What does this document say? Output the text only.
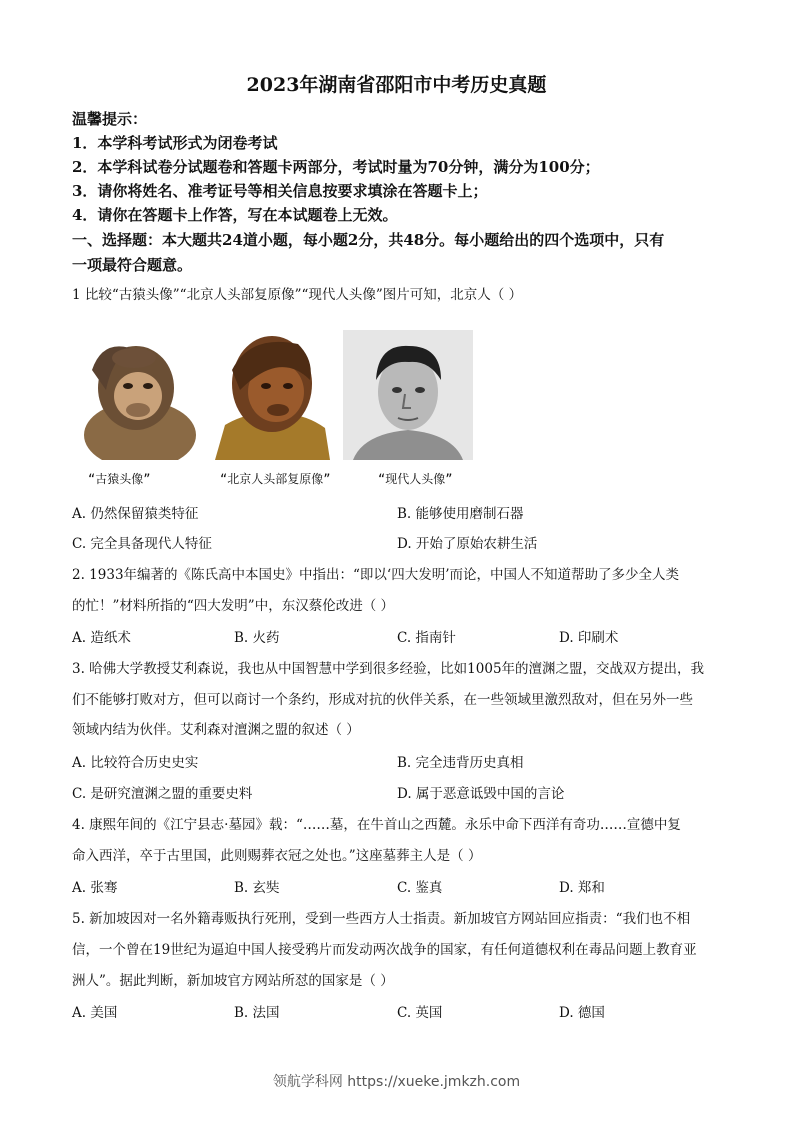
2023年湖南省邵阳市中考历史真题
温馨提示：
1．本学科考试形式为闭卷考试
2．本学科试卷分试题卷和答题卡两部分，考试时量为70分钟，满分为100分；
3．请你将姓名、准考证号等相关信息按要求填涂在答题卡上；
4．请你在答题卡上作答，写在本试题卷上无效。
一、选择题：本大题共24道小题，每小题2分，共48分。每小题给出的四个选项中，只有
一项最符合题意。
1 比较“古猿头像”“北京人头部复原像”“现代人头像”图片可知，北京人（ ）
“古猿头像”	“北京人头部复原像”	“现代人头像”
A. 仍然保留猿类特征	B. 能够使用磨制石器
C. 完全具备现代人特征	D. 开始了原始农耕生活
2. 1933年编著的《陈氏高中本国史》中指出：“即以‘四大发明’而论，中国人不知道帮助了多少全人类
的忙！”材料所指的“四大发明”中，东汉蔡伦改进（ ）
A. 造纸术	B. 火药	C. 指南针	D. 印刷术
3. 哈佛大学教授艾利森说，我也从中国智慧中学到很多经验，比如1005年的澶渊之盟，交战双方提出，我
们不能够打败对方，但可以商讨一个条约，形成对抗的伙伴关系，在一些领域里激烈敌对，但在另外一些
领域内结为伙伴。艾利森对澶渊之盟的叙述（ ）
A. 比较符合历史史实	B. 完全违背历史真相
C. 是研究澶渊之盟的重要史料	D. 属于恶意诋毁中国的言论
4. 康熙年间的《江宁县志·墓园》载：“……墓，在牛首山之西麓。永乐中命下西洋有奇功……宣德中复
命入西洋，卒于古里国，此则赐葬衣冠之处也。”这座墓葬主人是（ ）
A. 张骞	B. 玄奘	C. 鉴真	D. 郑和
5. 新加坡因对一名外籍毒贩执行死刑，受到一些西方人士指责。新加坡官方网站回应指责：“我们也不相
信，一个曾在19世纪为逼迫中国人接受鸦片而发动两次战争的国家，有任何道德权利在毒品问题上教育亚
洲人”。据此判断，新加坡官方网站所怼的国家是（ ）
A. 美国	B. 法国	C. 英国	D. 德国
领航学科网 https://xueke.jmkzh.com
